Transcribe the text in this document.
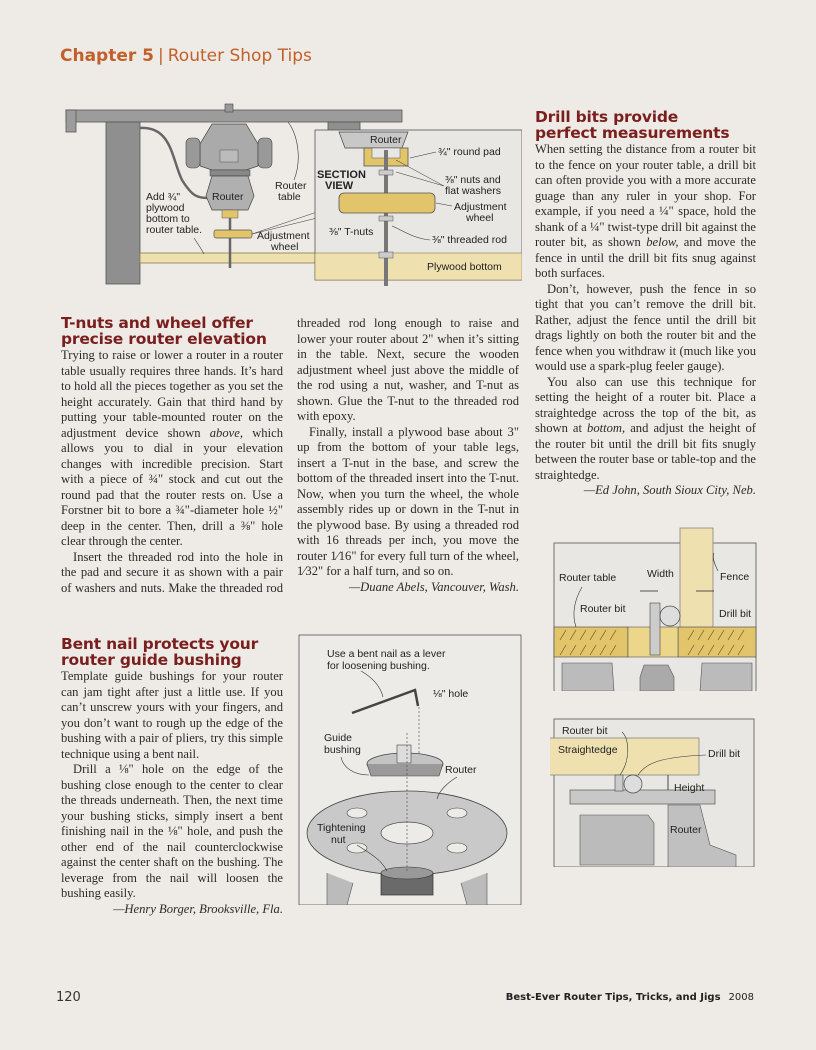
Chapter 5 | Router Shop Tips
Router
Router
table
Add ¾"
plywood
bottom to
router table.	Adjustment
wheel
Plywood bottom
Router
SECTION
VIEW
¾" round pad
⅜" nuts and
flat washers
Adjustment
wheel
⅜" T-nuts
⅜" threaded rod
T-nuts and wheel offer
precise router elevation

Trying to raise or lower a router in a router table usually requires three hands. It’s hard to hold all the pieces together as you set the height accurately. Gain that third hand by putting your table-mounted router on the adjustment device shown above, which allows you to dial in your elevation changes with incredible precision. Start with a piece of ¾" stock and cut out the round pad that the router rests on. Use a Forstner bit to bore a ¾"-diameter hole ½" deep in the center. Then, drill a ⅜" hole clear through the center.

Insert the threaded rod into the hole in the pad and secure it as shown with a pair of washers and nuts. Make the threaded rod

threaded rod long enough to raise and lower your router about 2" when it’s sitting in the table. Next, secure the wooden adjustment wheel just above the middle of the rod using a nut, washer, and T-nut as shown. Glue the T-nut to the threaded rod with epoxy.

Finally, install a plywood base about 3" up from the bottom of your table legs, insert a T-nut in the base, and screw the bottom of the threaded insert into the T-nut. Now, when you turn the wheel, the whole assembly rides up or down in the T-nut in the plywood base. By using a threaded rod with 16 threads per inch, you move the router 1⁄16" for every full turn of the wheel, 1⁄32" for a half turn, and so on.

—Duane Abels, Vancouver, Wash.

Drill bits provide
perfect measurements

When setting the distance from a router bit to the fence on your router table, a drill bit can often provide you with a more accurate guage than any ruler in your shop. For example, if you need a ¼" space, hold the shank of a ¼" twist-type drill bit against the router bit, as shown below, and move the fence in until the drill bit fits snug against both surfaces.

Don’t, however, push the fence in so tight that you can’t remove the drill bit. Rather, adjust the fence until the drill bit drags lightly on both the router bit and the fence when you withdraw it (much like you would use a spark-plug feeler gauge).

You also can use this technique for setting the height of a router bit. Place a straightedge across the top of the bit, as shown at bottom, and adjust the height of the router bit until the drill bit fits snugly between the router base or table-top and the straightedge.

—Ed John, South Sioux City, Neb.

Router table	Width	Fence
Router bit	Drill bit
Router bit
Straightedge	Drill bit
Height
Router
Bent nail protects your
router guide bushing

Template guide bushings for your router can jam tight after just a little use. If you can’t unscrew yours with your fingers, and you don’t want to rough up the edge of the bushing with a pair of pliers, try this simple technique using a bent nail.

Drill a ⅛" hole on the edge of the bushing close enough to the center to clear the threads underneath. Then, the next time your bushing sticks, simply insert a bent finishing nail in the ⅛" hole, and push the other end of the nail counterclockwise against the center shaft on the bushing. The leverage from the nail will loosen the bushing easily.

—Henry Borger, Brooksville, Fla.

Use a bent nail as a lever
for loosening bushing.
⅛" hole
Guide
bushing
Router
Tightening
nut
120	Best-Ever Router Tips, Tricks, and Jigs 2008
